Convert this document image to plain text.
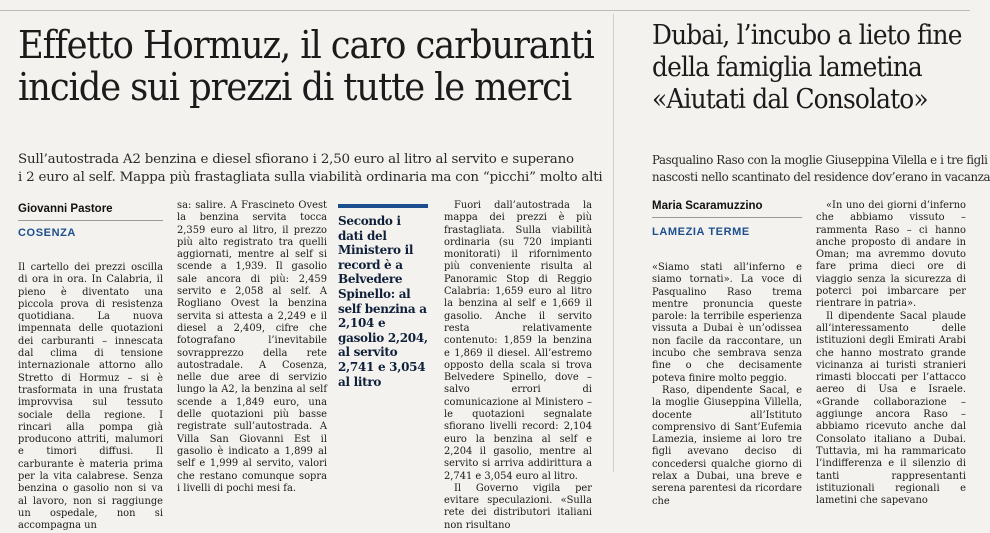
Effetto Hormuz, il caro carburanti
incide sui prezzi di tutte le merci

Sull’autostrada A2 benzina e diesel sfiorano i 2,50 euro al litro al servito e superano
i 2 euro al self. Mappa più frastagliata sulla viabilità ordinaria ma con “picchi” molto alti

Giovanni Pastore
COSENZA

Il cartello dei prezzi oscilla di ora in ora. In Calabria, il pieno è diventato una piccola prova di resistenza quotidiana. La nuova impennata delle quotazioni dei carburanti – innescata dal clima di tensione internazionale attorno allo Stretto di Hormuz – si è trasformata in una frustata improvvisa sul tessuto sociale della regione. I rincari alla pompa già producono attriti, malumori e timori diffusi. Il carburante è materia prima per la vita calabrese. Senza benzina o gasolio non si va al lavoro, non si raggiunge un ospedale, non si accompagna un

sa: salire. A Frascineto Ovest la benzina servita tocca 2,359 euro al litro, il prezzo più alto registrato tra quelli aggiornati, mentre al self si scende a 1,939. Il gasolio sale ancora di più: 2,459 servito e 2,058 al self. A Rogliano Ovest la benzina servita si attesta a 2,249 e il diesel a 2,409, cifre che fotografano l’inevitabile sovrapprezzo della rete autostradale. A Cosenza, nelle due aree di servizio lungo la A2, la benzina al self scende a 1,849 euro, una delle quotazioni più basse registrate sull’autostrada. A Villa San Giovanni Est il gasolio è indicato a 1,899 al self e 1,999 al servito, valori che restano comunque sopra i livelli di pochi mesi fa.

Secondo i dati del Ministero il record è a Belvedere Spinello: al self benzina a 2,104 e gasolio 2,204, al servito 2,741 e 3,054 al litro

Fuori dall’autostrada la mappa dei prezzi è più frastagliata. Sulla viabilità ordinaria (su 720 impianti monitorati) il rifornimento più conveniente risulta al Panoramic Stop di Reggio Calabria: 1,659 euro al litro la benzina al self e 1,669 il gasolio. Anche il servito resta relativamente contenuto: 1,859 la benzina e 1,869 il diesel. All’estremo opposto della scala si trova Belvedere Spinello, dove – salvo errori di comunicazione al Ministero – le quotazioni segnalate sfiorano livelli record: 2,104 euro la benzina al self e 2,204 il gasolio, mentre al servito si arriva addirittura a 2,741 e 3,054 euro al litro.

Il Governo vigila per evitare speculazioni. «Sulla rete dei distributori italiani non risultano

Dubai, l’incubo a lieto fine
della famiglia lametina
«Aiutati dal Consolato»

Pasqualino Raso con la moglie Giuseppina Vilella e i tre figli
nascosti nello scantinato del residence dov’erano in vacanza

Maria Scaramuzzino
LAMEZIA TERME

«Siamo stati all’inferno e siamo tornati». La voce di Pasqualino Raso trema mentre pronuncia queste parole: la terribile esperienza vissuta a Dubai è un’odissea non facile da raccontare, un incubo che sembrava senza fine o che decisamente poteva finire molto peggio.

Raso, dipendente Sacal, e la moglie Giuseppina Villella, docente all’Istituto comprensivo di Sant’Eufemia Lamezia, insieme ai loro tre figli avevano deciso di concedersi qualche giorno di relax a Dubai, una breve e serena parentesi da ricordare che

«In uno dei giorni d’inferno che abbiamo vissuto – rammenta Raso – ci hanno anche proposto di andare in Oman; ma avremmo dovuto fare prima dieci ore di viaggio senza la sicurezza di poterci poi imbarcare per rientrare in patria».

Il dipendente Sacal plaude all’interessamento delle istituzioni degli Emirati Arabi che hanno mostrato grande vicinanza ai turisti stranieri rimasti bloccati per l’attacco aereo di Usa e Israele. «Grande collaborazione – aggiunge ancora Raso – abbiamo ricevuto anche dal Consolato italiano a Dubai. Tuttavia, mi ha rammaricato l’indifferenza e il silenzio di tanti rappresentanti istituzionali regionali e lametini che sapevano
